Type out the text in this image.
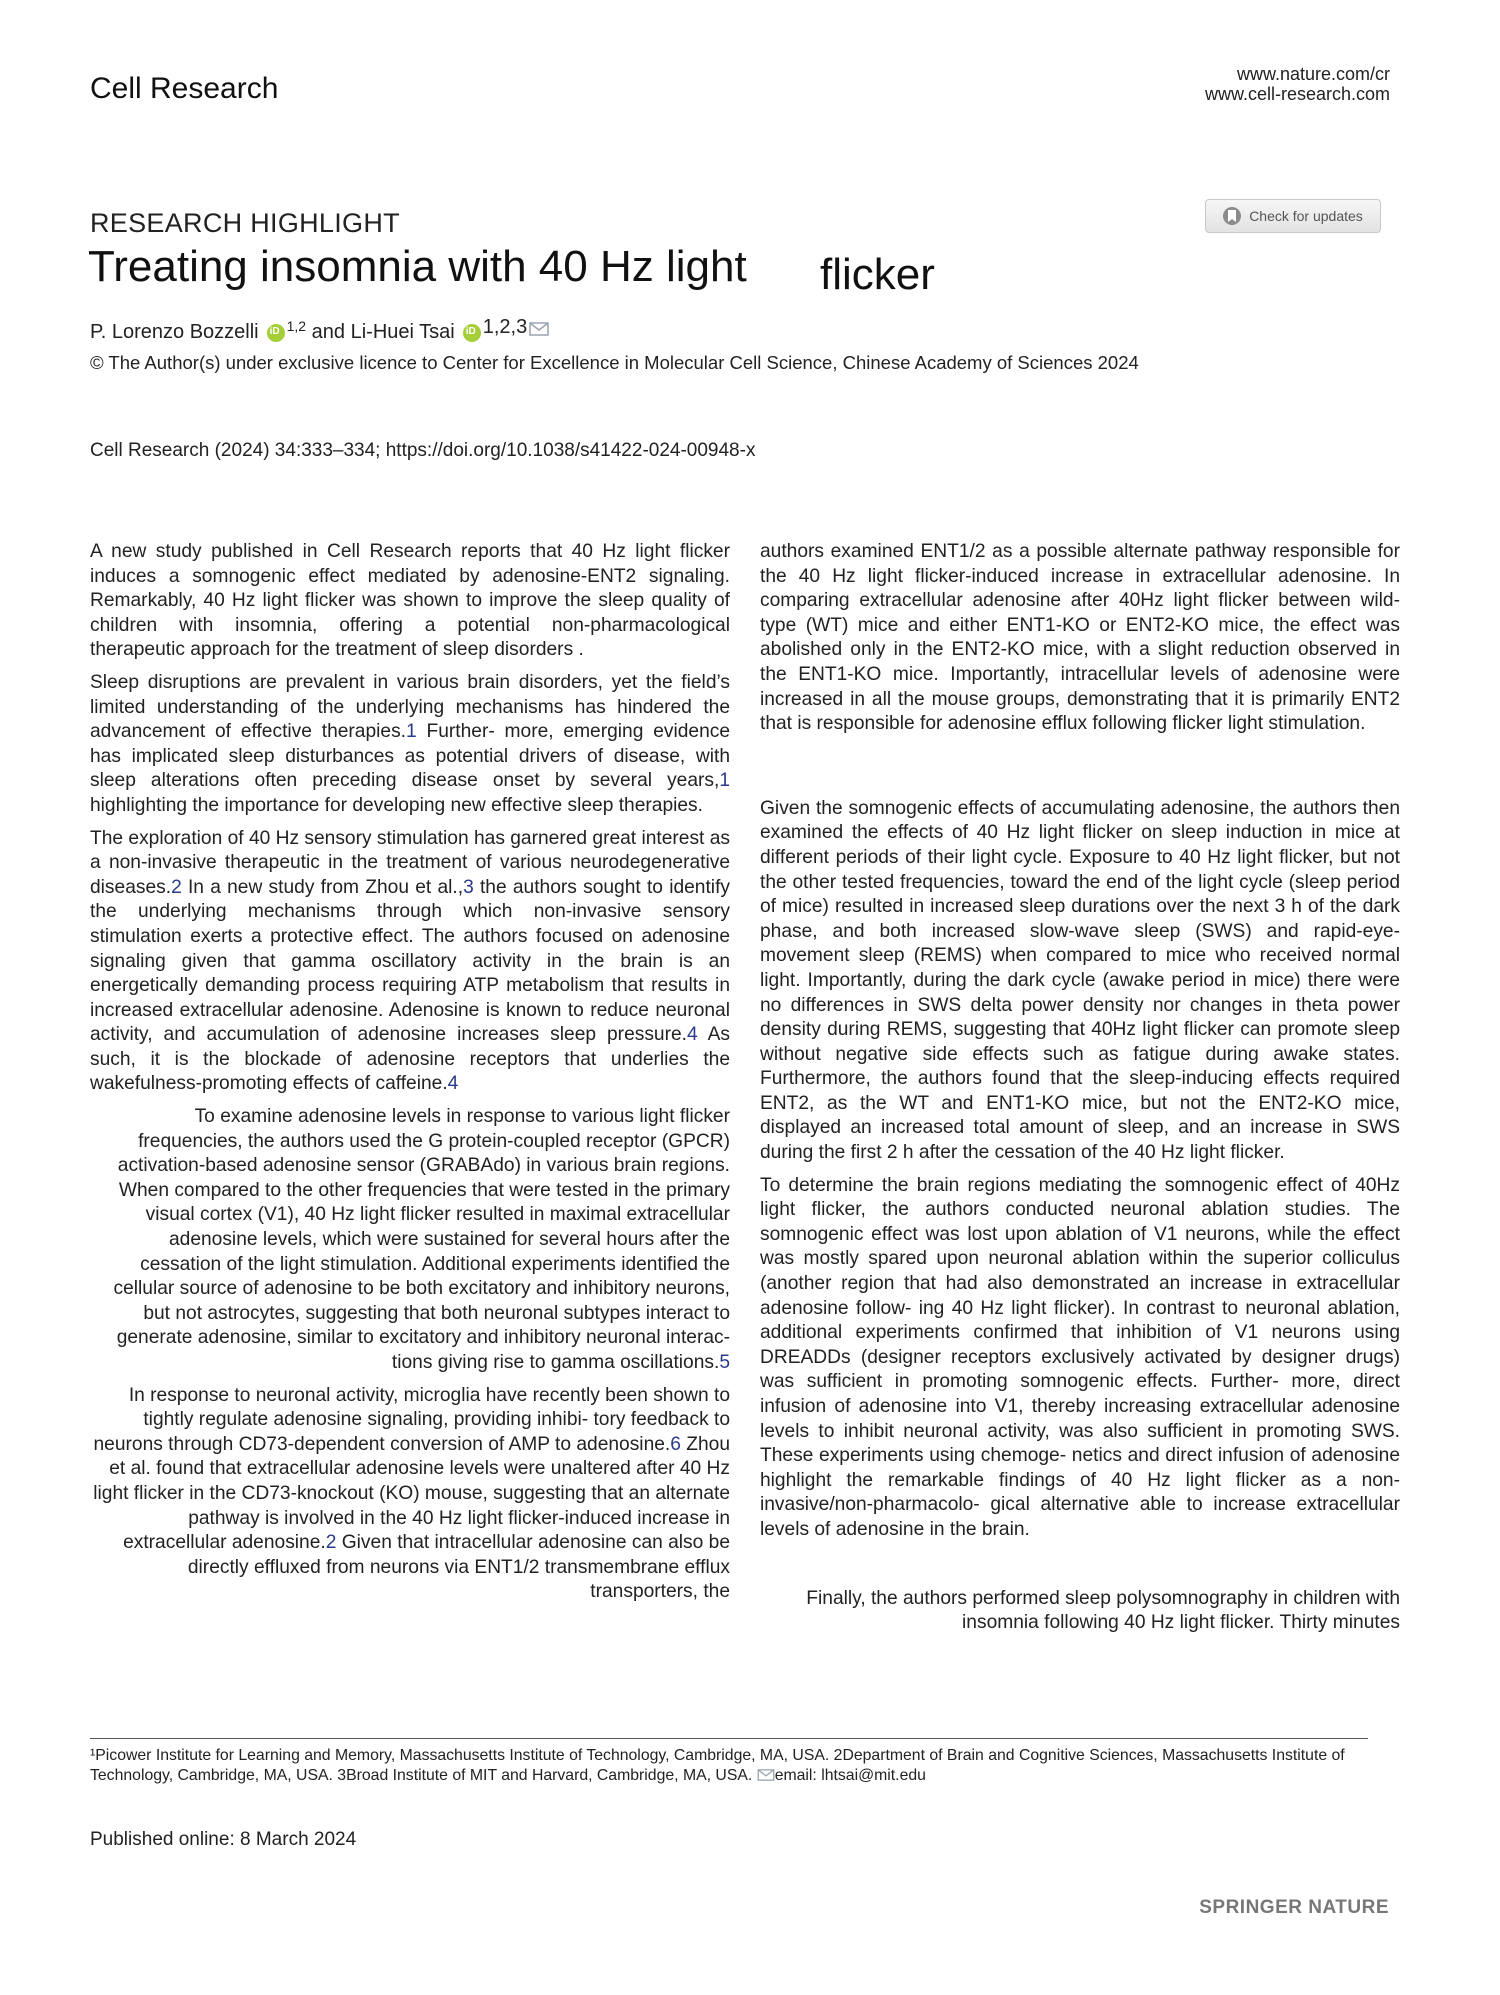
Cell Research	www.nature.com/cr
www.cell-research.com
Check for updates
RESEARCH HIGHLIGHT
Treating insomnia with 40 Hz light flicker
P. Lorenzo Bozzelli iD $^{1,2}$ and Li-Huei Tsai iD 1,2,3
© The Author(s) under exclusive licence to Center for Excellence in Molecular Cell Science, Chinese Academy of Sciences 2024
Cell Research (2024) 34:333–334; https://doi.org/10.1038/s41422-024-00948-x

A new study published in Cell Research reports that 40 Hz light flicker induces a somnogenic effect mediated by adenosine-ENT2 signaling. Remarkably, 40 Hz light flicker was shown to improve the sleep quality of children with insomnia, offering a potential non-pharmacological therapeutic approach for the treatment of sleep disorders .

Sleep disruptions are prevalent in various brain disorders, yet the field’s limited understanding of the underlying mechanisms has hindered the advancement of effective therapies.1 Further- more, emerging evidence has implicated sleep disturbances as potential drivers of disease, with sleep alterations often preceding disease onset by several years,1 highlighting the importance for developing new effective sleep therapies.

The exploration of 40 Hz sensory stimulation has garnered great interest as a non-invasive therapeutic in the treatment of various neurodegenerative diseases.2 In a new study from Zhou et al.,3 the authors sought to identify the underlying mechanisms through which non-invasive sensory stimulation exerts a protective effect. The authors focused on adenosine signaling given that gamma oscillatory activity in the brain is an energetically demanding process requiring ATP metabolism that results in increased extracellular adenosine. Adenosine is known to reduce neuronal activity, and accumulation of adenosine increases sleep pressure.4 As such, it is the blockade of adenosine receptors that underlies the wakefulness-promoting effects of caffeine.4

To examine adenosine levels in response to various light flicker frequencies, the authors used the G protein-coupled receptor (GPCR) activation-based adenosine sensor (GRABAdo) in various brain regions. When compared to the other frequencies that were tested in the primary visual cortex (V1), 40 Hz light flicker resulted in maximal extracellular adenosine levels, which were sustained for several hours after the cessation of the light stimulation. Additional experiments identified the cellular source of adenosine to be both excitatory and inhibitory neurons, but not astrocytes, suggesting that both neuronal subtypes interact to generate adenosine, similar to excitatory and inhibitory neuronal interac- tions giving rise to gamma oscillations.5

In response to neuronal activity, microglia have recently been shown to tightly regulate adenosine signaling, providing inhibi- tory feedback to neurons through CD73-dependent conversion of AMP to adenosine.6 Zhou et al. found that extracellular adenosine levels were unaltered after 40 Hz light flicker in the CD73-knockout (KO) mouse, suggesting that an alternate pathway is involved in the 40 Hz light flicker-induced increase in extracellular adenosine.2 Given that intracellular adenosine can also be directly effluxed from neurons via ENT1/2 transmembrane efflux transporters, the

authors examined ENT1/2 as a possible alternate pathway responsible for the 40 Hz light flicker-induced increase in extracellular adenosine. In comparing extracellular adenosine after 40Hz light flicker between wild-type (WT) mice and either ENT1-KO or ENT2-KO mice, the effect was abolished only in the ENT2-KO mice, with a slight reduction observed in the ENT1-KO mice. Importantly, intracellular levels of adenosine were increased in all the mouse groups, demonstrating that it is primarily ENT2 that is responsible for adenosine efflux following flicker light stimulation.

Given the somnogenic effects of accumulating adenosine, the authors then examined the effects of 40 Hz light flicker on sleep induction in mice at different periods of their light cycle. Exposure to 40 Hz light flicker, but not the other tested frequencies, toward the end of the light cycle (sleep period of mice) resulted in increased sleep durations over the next 3 h of the dark phase, and both increased slow-wave sleep (SWS) and rapid-eye-movement sleep (REMS) when compared to mice who received normal light. Importantly, during the dark cycle (awake period in mice) there were no differences in SWS delta power density nor changes in theta power density during REMS, suggesting that 40Hz light flicker can promote sleep without negative side effects such as fatigue during awake states. Furthermore, the authors found that the sleep-inducing effects required ENT2, as the WT and ENT1-KO mice, but not the ENT2-KO mice, displayed an increased total amount of sleep, and an increase in SWS during the first 2 h after the cessation of the 40 Hz light flicker.

To determine the brain regions mediating the somnogenic effect of 40Hz light flicker, the authors conducted neuronal ablation studies. The somnogenic effect was lost upon ablation of V1 neurons, while the effect was mostly spared upon neuronal ablation within the superior colliculus (another region that had also demonstrated an increase in extracellular adenosine follow- ing 40 Hz light flicker). In contrast to neuronal ablation, additional experiments confirmed that inhibition of V1 neurons using DREADDs (designer receptors exclusively activated by designer drugs) was sufficient in promoting somnogenic effects. Further- more, direct infusion of adenosine into V1, thereby increasing extracellular adenosine levels to inhibit neuronal activity, was also sufficient in promoting SWS. These experiments using chemoge- netics and direct infusion of adenosine highlight the remarkable findings of 40 Hz light flicker as a non-invasive/non-pharmacolo- gical alternative able to increase extracellular levels of adenosine in the brain.

Finally, the authors performed sleep polysomnography in children with insomnia following 40 Hz light flicker. Thirty minutes

¹Picower Institute for Learning and Memory, Massachusetts Institute of Technology, Cambridge, MA, USA. 2Department of Brain and Cognitive Sciences, Massachusetts Institute of Technology, Cambridge, MA, USA. 3Broad Institute of MIT and Harvard, Cambridge, MA, USA. email: lhtsai@mit.edu
Published online: 8 March 2024
SPRINGER NATURE
